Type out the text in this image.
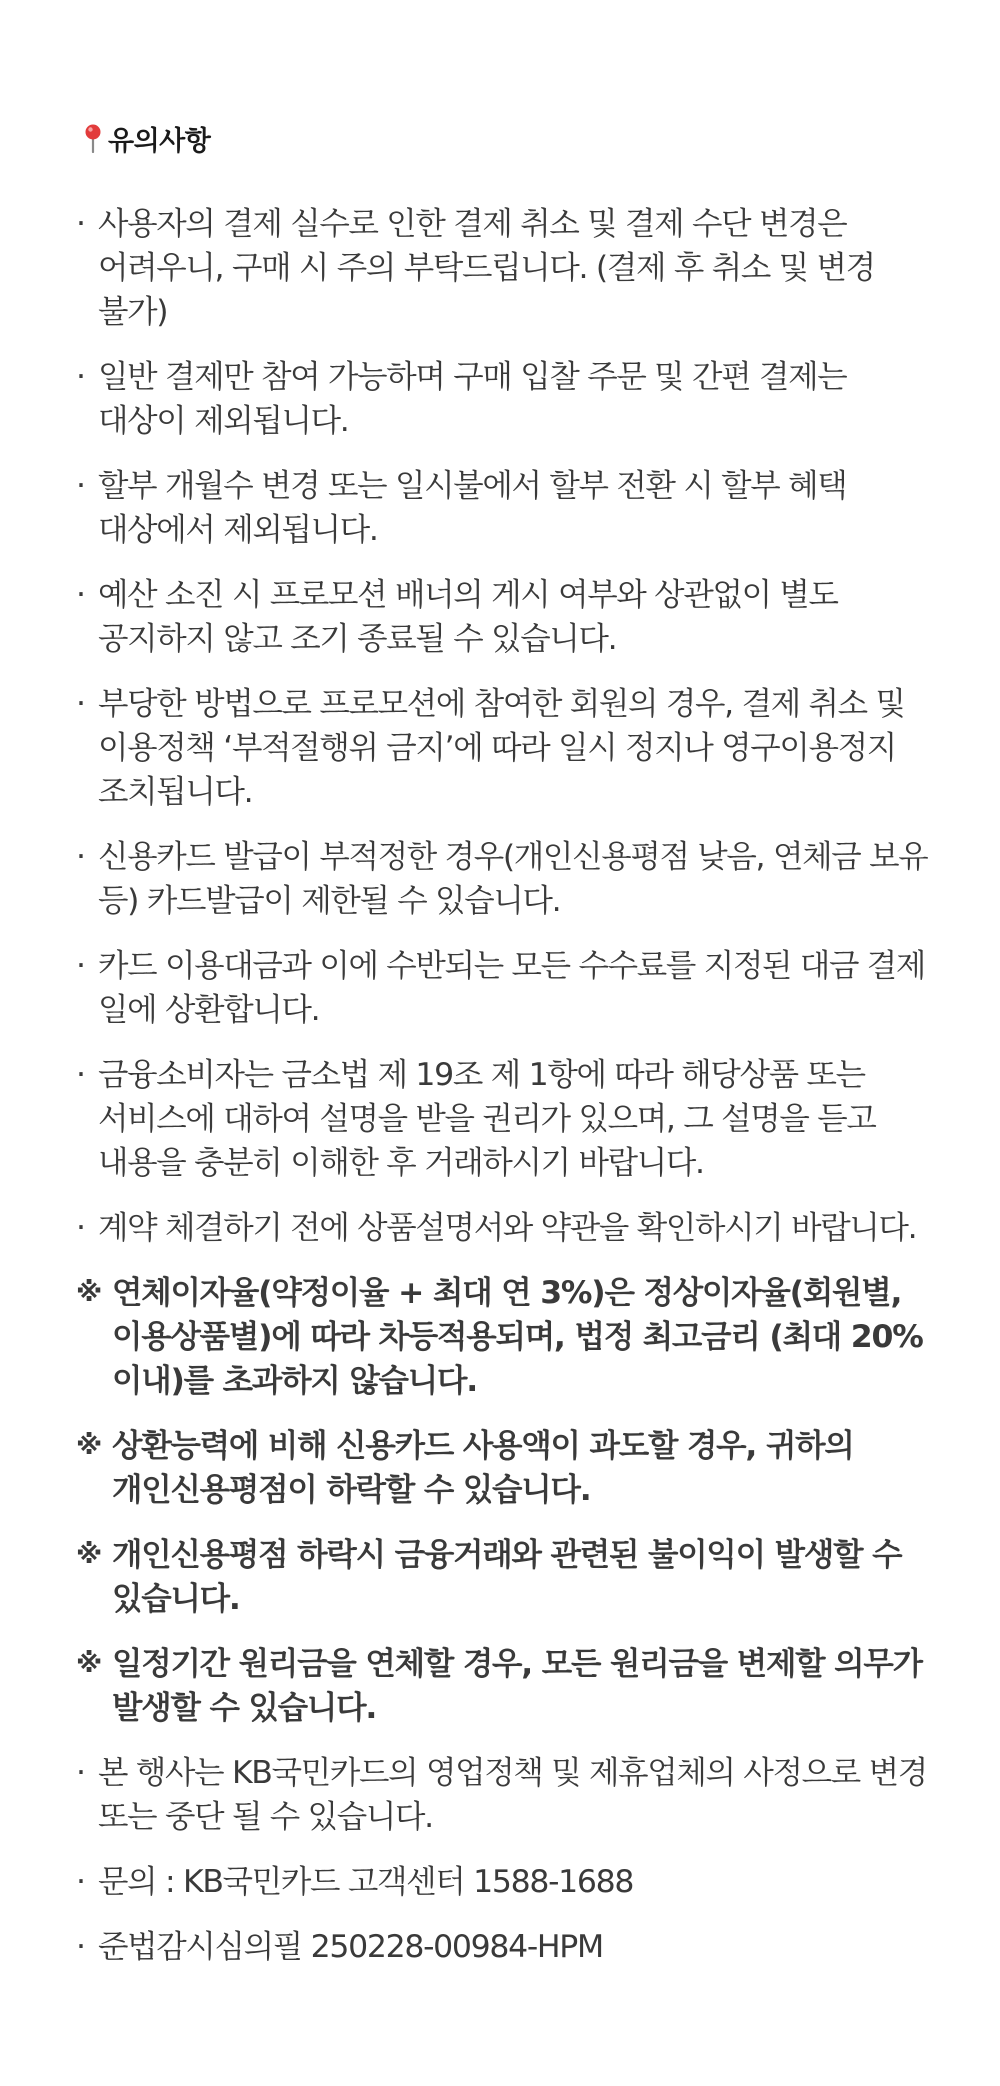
유의사항
· 사용자의 결제 실수로 인한 결제 취소 및 결제 수단 변경은 어려우니, 구매 시 주의 부탁드립니다. (결제 후 취소 및 변경 불가)
· 일반 결제만 참여 가능하며 구매 입찰 주문 및 간편 결제는 대상이 제외됩니다.
· 할부 개월수 변경 또는 일시불에서 할부 전환 시 할부 혜택 대상에서 제외됩니다.
· 예산 소진 시 프로모션 배너의 게시 여부와 상관없이 별도 공지하지 않고 조기 종료될 수 있습니다.
· 부당한 방법으로 프로모션에 참여한 회원의 경우, 결제 취소 및 이용정책 ‘부적절행위 금지’에 따라 일시 정지나 영구이용정지 조치됩니다.
· 신용카드 발급이 부적정한 경우(개인신용평점 낮음, 연체금 보유 등) 카드발급이 제한될 수 있습니다.
· 카드 이용대금과 이에 수반되는 모든 수수료를 지정된 대금 결제 일에 상환합니다.
· 금융소비자는 금소법 제 19조 제 1항에 따라 해당상품 또는 서비스에 대하여 설명을 받을 권리가 있으며, 그 설명을 듣고 내용을 충분히 이해한 후 거래하시기 바랍니다.
· 계약 체결하기 전에 상품설명서와 약관을 확인하시기 바랍니다.
※ 연체이자율(약정이율 + 최대 연 3%)은 정상이자율(회원별, 이용상품별)에 따라 차등적용되며, 법정 최고금리 (최대 20% 이내)를 초과하지 않습니다.
※ 상환능력에 비해 신용카드 사용액이 과도할 경우, 귀하의 개인신용평점이 하락할 수 있습니다.
※ 개인신용평점 하락시 금융거래와 관련된 불이익이 발생할 수 있습니다.
※ 일정기간 원리금을 연체할 경우, 모든 원리금을 변제할 의무가 발생할 수 있습니다.
· 본 행사는 KB국민카드의 영업정책 및 제휴업체의 사정으로 변경 또는 중단 될 수 있습니다.
· 문의 : KB국민카드 고객센터 1588-1688
· 준법감시심의필 250228-00984-HPM
